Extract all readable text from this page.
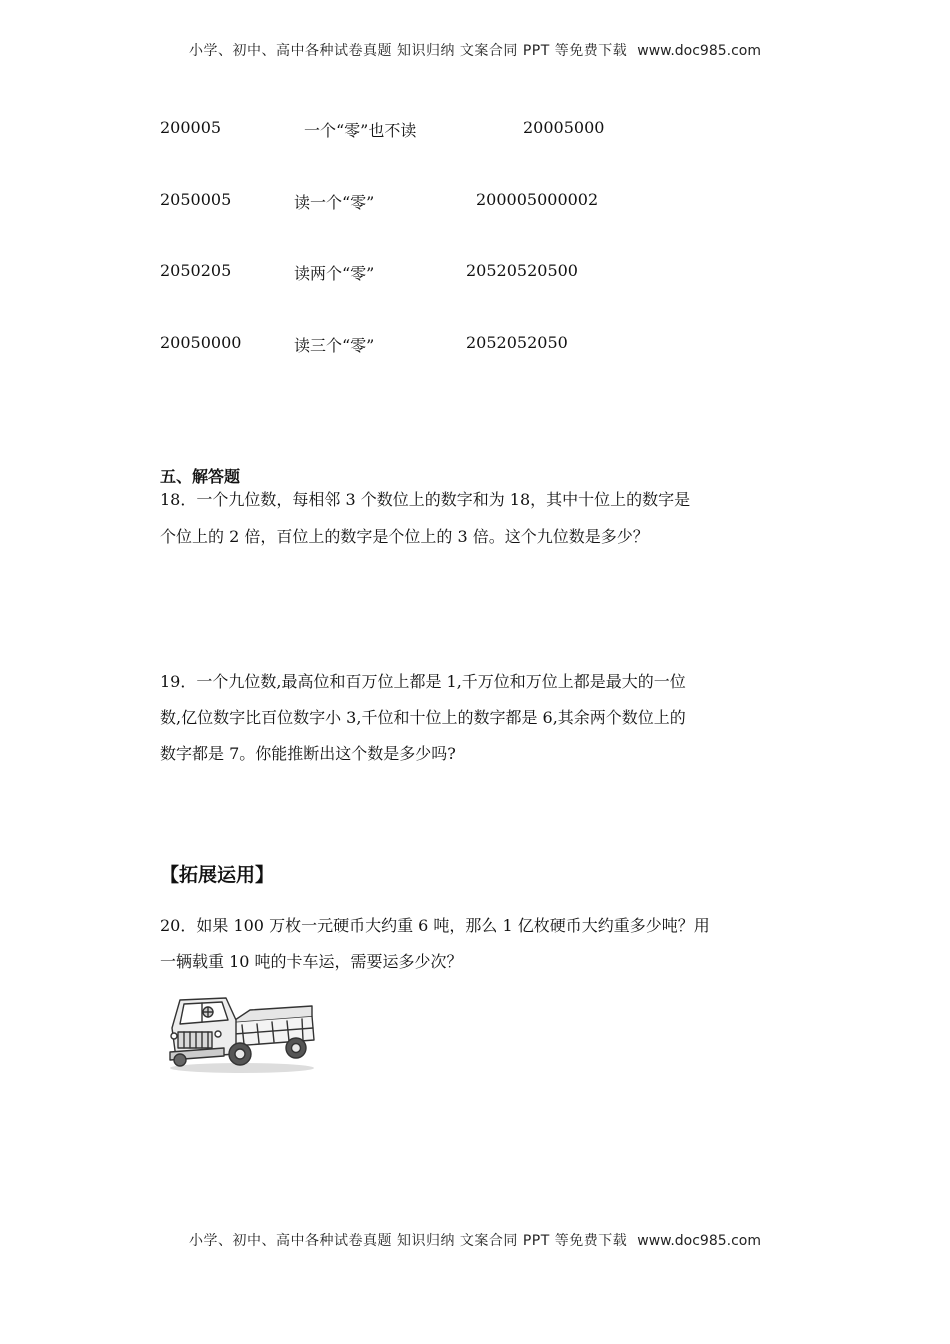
小学、初中、高中各种试卷真题 知识归纳 文案合同 PPT 等免费下载 www.doc985.com
200005	一个“零”也不读	20005000
2050005	读一个“零”	200005000002
2050205	读两个“零”	20520520500
20050000	读三个“零”	2052052050
五、解答题

18．一个九位数，每相邻 3 个数位上的数字和为 18，其中十位上的数字是

个位上的 2 倍，百位上的数字是个位上的 3 倍。这个九位数是多少？

19．一个九位数,最高位和百万位上都是 1,千万位和万位上都是最大的一位

数,亿位数字比百位数字小 3,千位和十位上的数字都是 6,其余两个数位上的

数字都是 7。你能推断出这个数是多少吗?

【拓展运用】

20．如果 100 万枚一元硬币大约重 6 吨，那么 1 亿枚硬币大约重多少吨？用

一辆载重 10 吨的卡车运，需要运多少次？

小学、初中、高中各种试卷真题 知识归纳 文案合同 PPT 等免费下载 www.doc985.com
